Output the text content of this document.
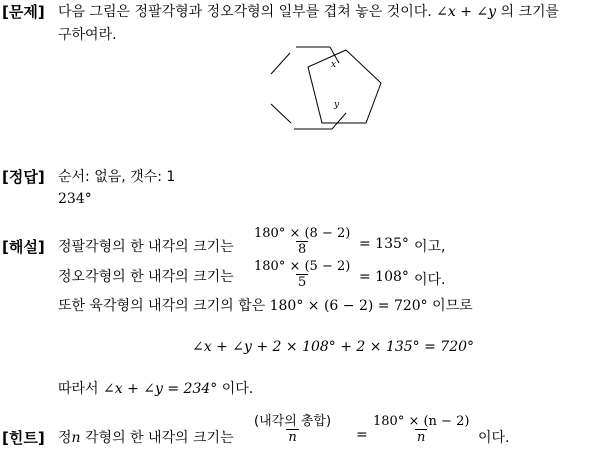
[문제] 다음 그림은 정팔각형과 정오각형의 일부를 겹쳐 놓은 것이다. ∠x + ∠y 의 크기를
구하여라.
x
y
[정답] 순서: 없음, 갯수: 1
234°
[해설] 정팔각형의 한 내각의 크기는 $\frac{180^\circ \times (8 - 2)}{8} = 135^\circ$ 이고,
정오각형의 한 내각의 크기는 $\frac{180^\circ \times (5 - 2)}{5} = 108^\circ$ 이다.
또한 육각형의 내각의 크기의 합은 180° × (6 − 2) = 720° 이므로
∠x + ∠y + 2 × 108° + 2 × 135° = 720°
따라서 ∠x + ∠y = 234° 이다.
[힌트] 정n 각형의 한 내각의 크기는
(내각의 총합)
n	= $\frac{180^\circ \times (n - 2)}{n}$ 이다.
